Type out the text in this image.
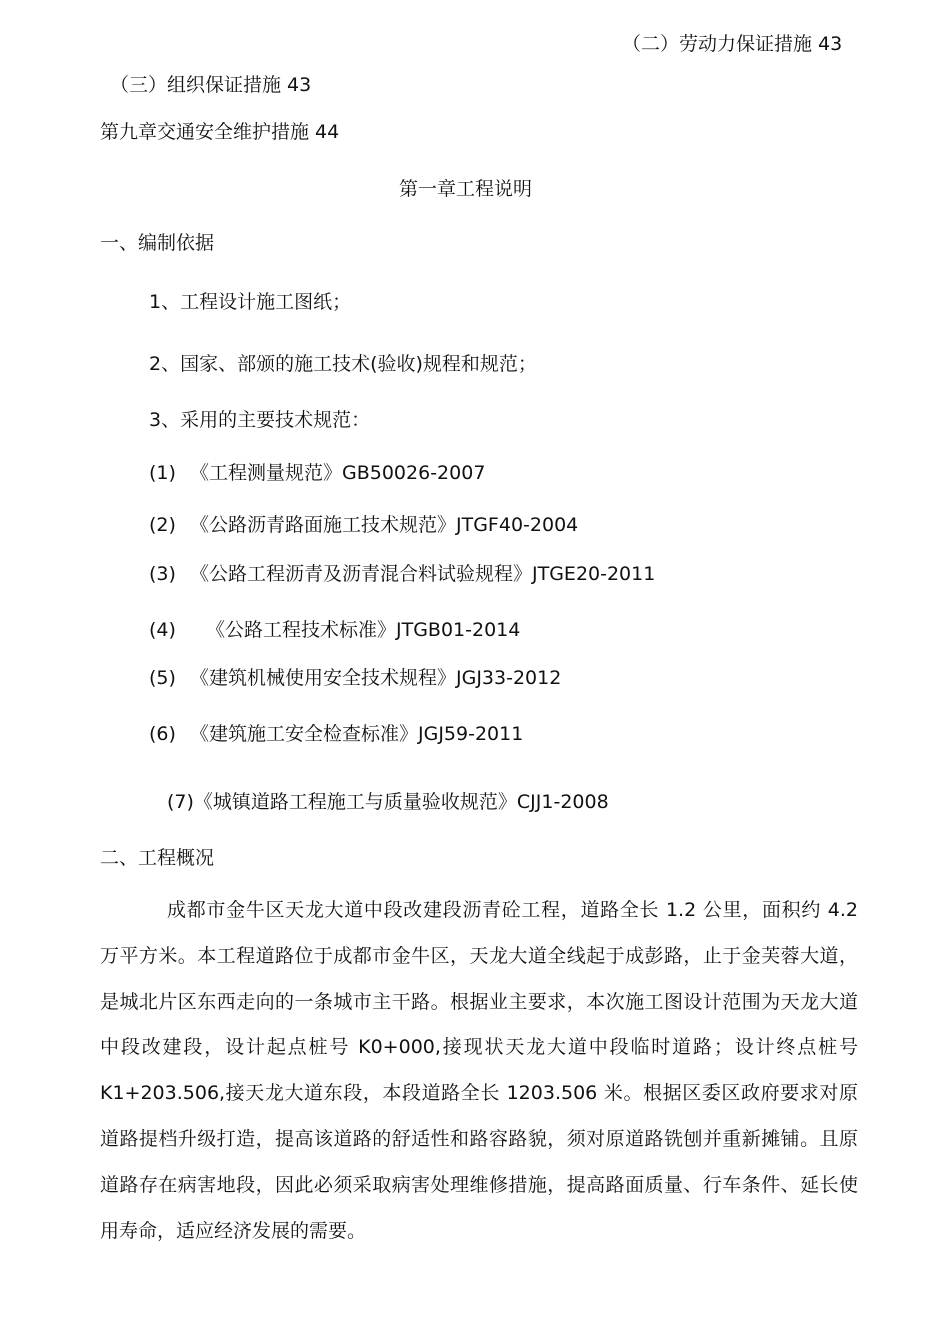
（二）劳动力保证措施 43
（三）组织保证措施 43
第九章交通安全维护措施 44
第一章工程说明
一、编制依据
1、工程设计施工图纸；
2、国家、部颁的施工技术(验收)规程和规范；
3、采用的主要技术规范：
(1) 《工程测量规范》GB50026-2007
(2) 《公路沥青路面施工技术规范》JTGF40-2004
(3) 《公路工程沥青及沥青混合料试验规程》JTGE20-2011
(4) 《公路工程技术标准》JTGB01-2014
(5) 《建筑机械使用安全技术规程》JGJ33-2012
(6) 《建筑施工安全检查标准》JGJ59-2011
(7)《城镇道路工程施工与质量验收规范》CJJ1-2008
二、工程概况
成都市金牛区天龙大道中段改建段沥青砼工程，道路全长 1.2 公里，面积约 4.2 万平方米。本工程道路位于成都市金牛区，天龙大道全线起于成彭路，止于金芙蓉大道，是城北片区东西走向的一条城市主干路。根据业主要求，本次施工图设计范围为天龙大道中段改建段，设计起点桩号 K0+000,接现状天龙大道中段临时道路；设计终点桩号 K1+203.506,接天龙大道东段，本段道路全长 1203.506 米。根据区委区政府要求对原道路提档升级打造，提高该道路的舒适性和路容路貌，须对原道路铣刨并重新摊铺。且原道路存在病害地段，因此必须采取病害处理维修措施，提高路面质量、行车条件、延长使用寿命，适应经济发展的需要。
